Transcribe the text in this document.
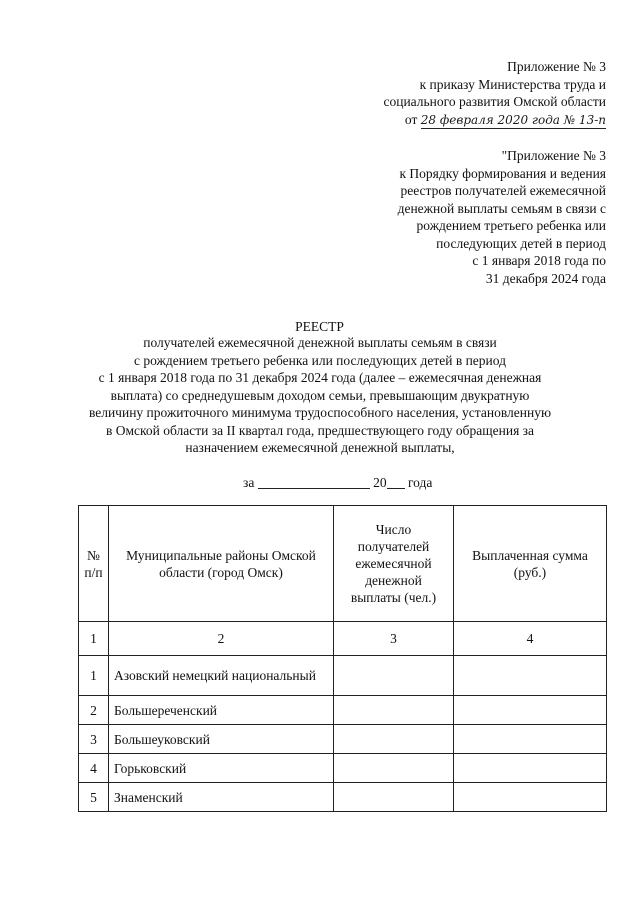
Приложение № 3
к приказу Министерства труда и
социального развития Омской области
от 28 февраля 2020 года № 13-п
"Приложение № 3
к Порядку формирования и ведения
реестров получателей ежемесячной
денежной выплаты семьям в связи с
рождением третьего ребенка или
последующих детей в период
с 1 января 2018 года по
31 декабря 2024 года
РЕЕСТР
получателей ежемесячной денежной выплаты семьям в связи
с рождением третьего ребенка или последующих детей в период
с 1 января 2018 года по 31 декабря 2024 года (далее – ежемесячная денежная
выплата) со среднедушевым доходом семьи, превышающим двукратную
величину прожиточного минимума трудоспособного населения, установленную
в Омской области за II квартал года, предшествующего году обращения за
назначением ежемесячной денежной выплаты,
за	20 года
№ п/п	Муниципальные районы Омской области (город Омск)	Число получателей ежемесячной денежной выплаты (чел.)	Выплаченная сумма (руб.)
1	2	3	4
1	Азовский немецкий национальный		
2	Большереченский		
3	Большеуковский		
4	Горьковский		
5	Знаменский		
